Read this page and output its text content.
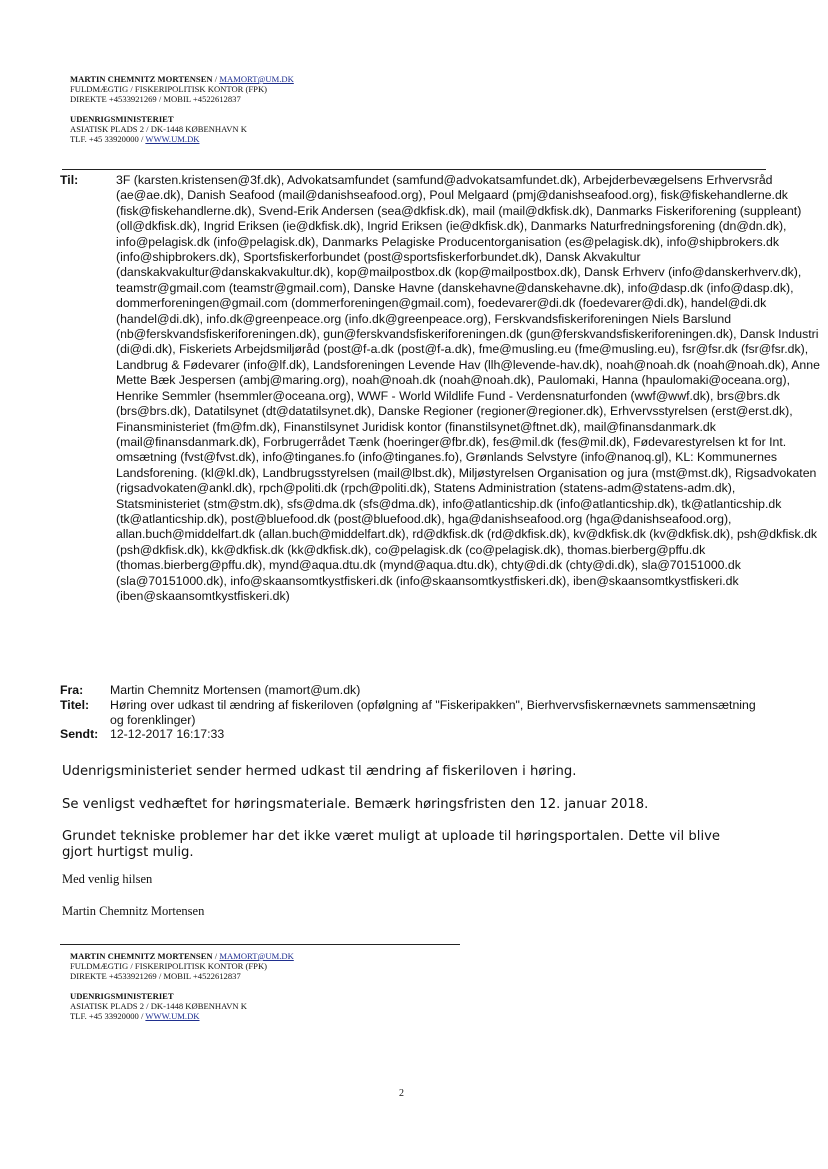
MARTIN CHEMNITZ MORTENSEN / MAMORT@UM.DK
FULDMÆGTIG / FISKERIPOLITISK KONTOR (FPK)
DIREKTE +4533921269 / MOBIL +4522612837
UDENRIGSMINISTERIET
ASIATISK PLADS 2 / DK-1448 KØBENHAVN K
TLF. +45 33920000 / WWW.UM.DK
Til:	3F (karsten.kristensen@3f.dk), Advokatsamfundet (samfund@advokatsamfundet.dk), Arbejderbevægelsens Erhvervsråd (ae@ae.dk), Danish Seafood (mail@danishseafood.org), Poul Melgaard (pmj@danishseafood.org), fisk@fiskehandlerne.dk (fisk@fiskehandlerne.dk), Svend-Erik Andersen (sea@dkfisk.dk), mail (mail@dkfisk.dk), Danmarks Fiskeriforening (suppleant) (oll@dkfisk.dk), Ingrid Eriksen (ie@dkfisk.dk), Ingrid Eriksen (ie@dkfisk.dk), Danmarks Naturfredningsforening (dn@dn.dk), info@pelagisk.dk (info@pelagisk.dk), Danmarks Pelagiske Producentorganisation (es@pelagisk.dk), info@shipbrokers.dk (info@shipbrokers.dk), Sportsfiskerforbundet (post@sportsfiskerforbundet.dk), Dansk Akvakultur (danskakvakultur@danskakvakultur.dk), kop@mailpostbox.dk (kop@mailpostbox.dk), Dansk Erhverv (info@danskerhverv.dk), teamstr@gmail.com (teamstr@gmail.com), Danske Havne (danskehavne@danskehavne.dk), info@dasp.dk (info@dasp.dk), dommerforeningen@gmail.com (dommerforeningen@gmail.com), foedevarer@di.dk (foedevarer@di.dk), handel@di.dk (handel@di.dk), info.dk@greenpeace.org (info.dk@greenpeace.org), Ferskvandsfiskeriforeningen Niels Barslund (nb@ferskvandsfiskeriforeningen.dk), gun@ferskvandsfiskeriforeningen.dk (gun@ferskvandsfiskeriforeningen.dk), Dansk Industri (di@di.dk), Fiskeriets Arbejdsmiljøråd (post@f-a.dk (post@f-a.dk), fme@musling.eu (fme@musling.eu), fsr@fsr.dk (fsr@fsr.dk), Landbrug & Fødevarer (info@lf.dk), Landsforeningen Levende Hav (llh@levende-hav.dk), noah@noah.dk (noah@noah.dk), Anne Mette Bæk Jespersen (ambj@maring.org), noah@noah.dk (noah@noah.dk), Paulomaki, Hanna (hpaulomaki@oceana.org), Henrike Semmler (hsemmler@oceana.org), WWF - World Wildlife Fund - Verdensnaturfonden (wwf@wwf.dk), brs@brs.dk (brs@brs.dk), Datatilsynet (dt@datatilsynet.dk), Danske Regioner (regioner@regioner.dk), Erhvervsstyrelsen (erst@erst.dk), Finansministeriet (fm@fm.dk), Finanstilsynet Juridisk kontor (finanstilsynet@ftnet.dk), mail@finansdanmark.dk (mail@finansdanmark.dk), Forbrugerrådet Tænk (hoeringer@fbr.dk), fes@mil.dk (fes@mil.dk), Fødevarestyrelsen kt for Int. omsætning (fvst@fvst.dk), info@tinganes.fo (info@tinganes.fo), Grønlands Selvstyre (info@nanoq.gl), KL: Kommunernes Landsforening. (kl@kl.dk), Landbrugsstyrelsen (mail@lbst.dk), Miljøstyrelsen Organisation og jura (mst@mst.dk), Rigsadvokaten (rigsadvokaten@ankl.dk), rpch@politi.dk (rpch@politi.dk), Statens Administration (statens-adm@statens-adm.dk), Statsministeriet (stm@stm.dk), sfs@dma.dk (sfs@dma.dk), info@atlanticship.dk (info@atlanticship.dk), tk@atlanticship.dk (tk@atlanticship.dk), post@bluefood.dk (post@bluefood.dk), hga@danishseafood.org (hga@danishseafood.org), allan.buch@middelfart.dk (allan.buch@middelfart.dk), rd@dkfisk.dk (rd@dkfisk.dk), kv@dkfisk.dk (kv@dkfisk.dk), psh@dkfisk.dk (psh@dkfisk.dk), kk@dkfisk.dk (kk@dkfisk.dk), co@pelagisk.dk (co@pelagisk.dk), thomas.bierberg@pffu.dk (thomas.bierberg@pffu.dk), mynd@aqua.dtu.dk (mynd@aqua.dtu.dk), chty@di.dk (chty@di.dk), sla@70151000.dk (sla@70151000.dk), info@skaansomtkystfiskeri.dk (info@skaansomtkystfiskeri.dk), iben@skaansomtkystfiskeri.dk (iben@skaansomtkystfiskeri.dk)
Fra:	Martin Chemnitz Mortensen (mamort@um.dk)
Titel:	Høring over udkast til ændring af fiskeriloven (opfølgning af "Fiskeripakken", Bierhvervsfiskernævnets sammensætning og forenklinger)
Sendt: 12-12-2017 16:17:33
Udenrigsministeriet sender hermed udkast til ændring af fiskeriloven i høring.
Se venligst vedhæftet for høringsmateriale. Bemærk høringsfristen den 12. januar 2018.
Grundet tekniske problemer har det ikke været muligt at uploade til høringsportalen. Dette vil blive gjort hurtigst mulig.
Med venlig hilsen
Martin Chemnitz Mortensen
MARTIN CHEMNITZ MORTENSEN / MAMORT@UM.DK
FULDMÆGTIG / FISKERIPOLITISK KONTOR (FPK)
DIREKTE +4533921269 / MOBIL +4522612837
UDENRIGSMINISTERIET
ASIATISK PLADS 2 / DK-1448 KØBENHAVN K
TLF. +45 33920000 / WWW.UM.DK
2
